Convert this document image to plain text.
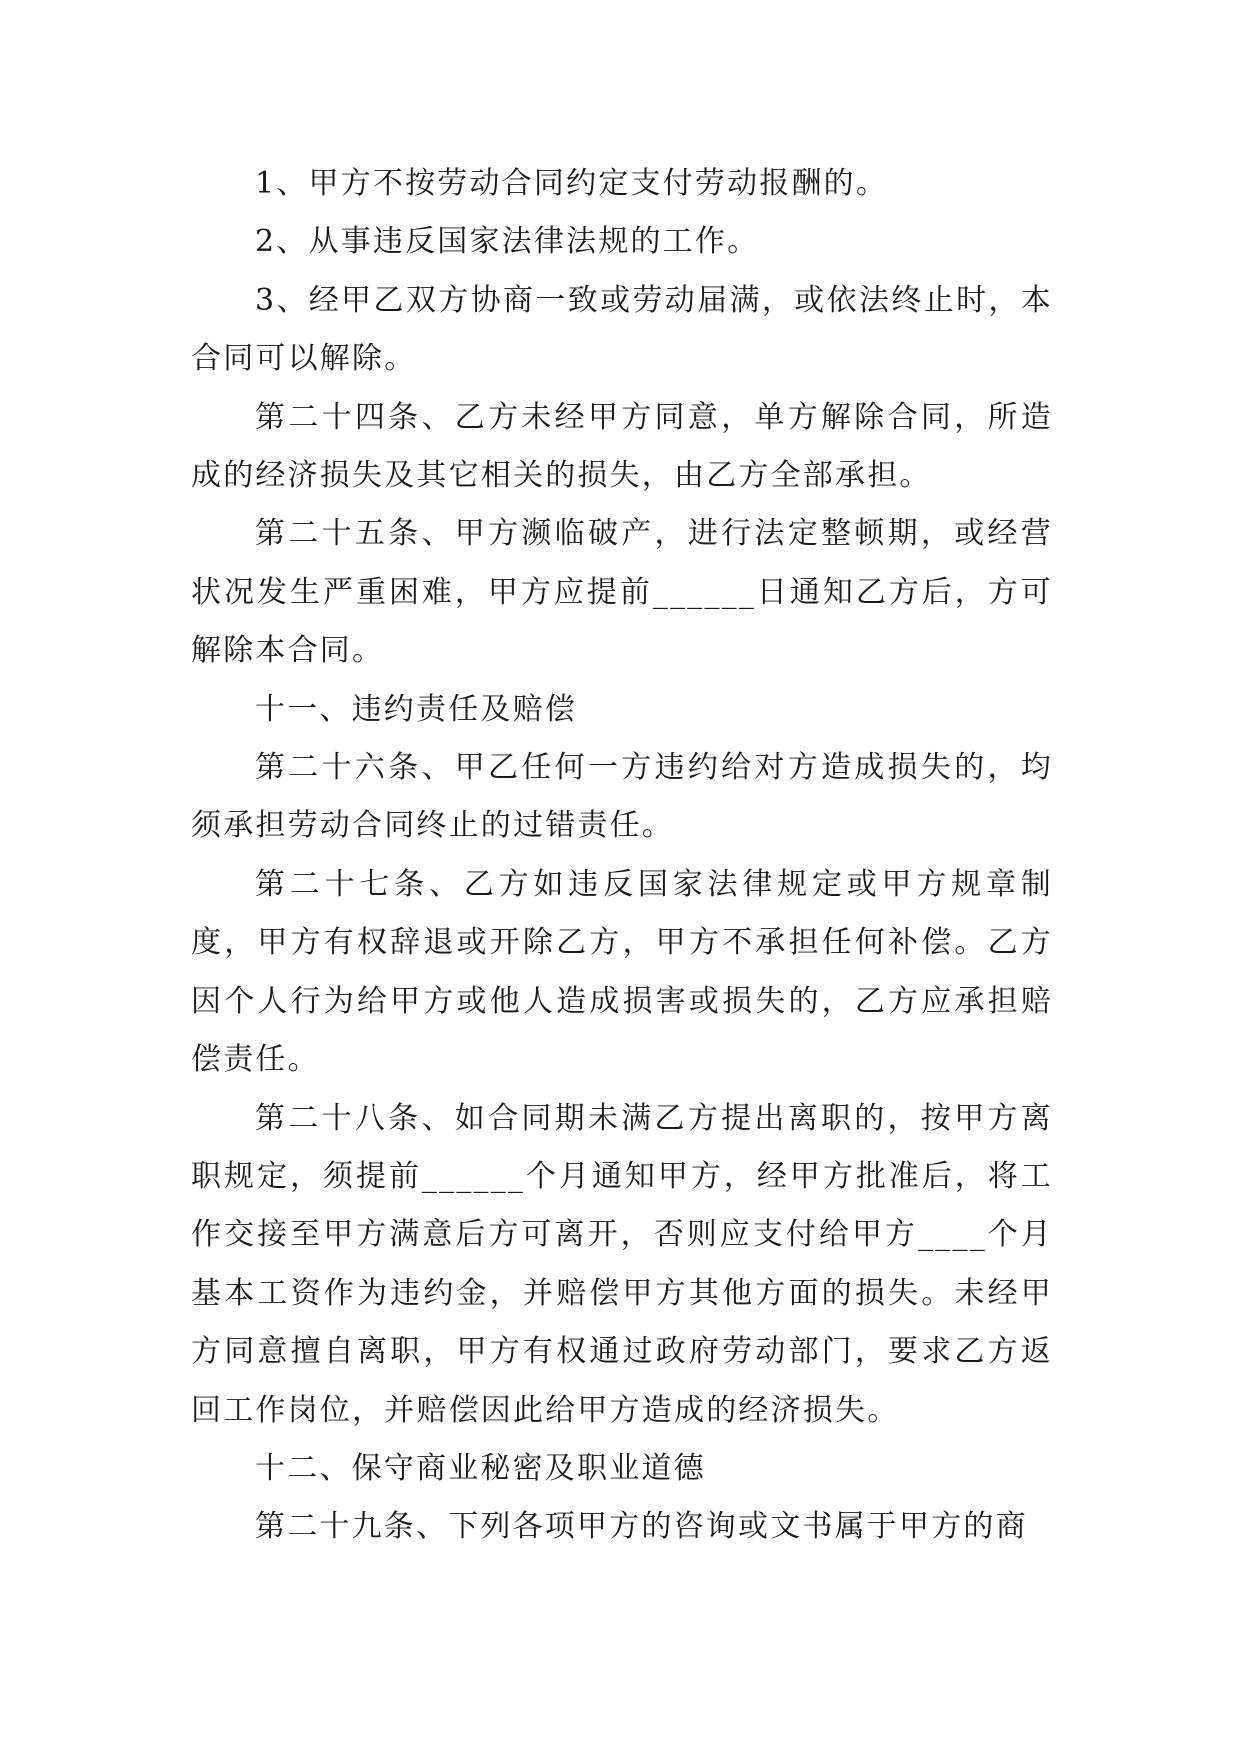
1、甲方不按劳动合同约定支付劳动报酬的。

2、从事违反国家法律法规的工作。

3、经甲乙双方协商一致或劳动届满，或依法终止时，本合同可以解除。

第二十四条、乙方未经甲方同意，单方解除合同，所造成的经济损失及其它相关的损失，由乙方全部承担。

第二十五条、甲方濒临破产，进行法定整顿期，或经营状况发生严重困难，甲方应提前______日通知乙方后，方可解除本合同。

十一、违约责任及赔偿

第二十六条、甲乙任何一方违约给对方造成损失的，均须承担劳动合同终止的过错责任。

第二十七条、乙方如违反国家法律规定或甲方规章制度，甲方有权辞退或开除乙方，甲方不承担任何补偿。乙方因个人行为给甲方或他人造成损害或损失的，乙方应承担赔偿责任。

第二十八条、如合同期未满乙方提出离职的，按甲方离职规定，须提前______个月通知甲方，经甲方批准后，将工作交接至甲方满意后方可离开，否则应支付给甲方____个月基本工资作为违约金，并赔偿甲方其他方面的损失。未经甲方同意擅自离职，甲方有权通过政府劳动部门，要求乙方返回工作岗位，并赔偿因此给甲方造成的经济损失。

十二、保守商业秘密及职业道德

第二十九条、下列各项甲方的咨询或文书属于甲方的商
